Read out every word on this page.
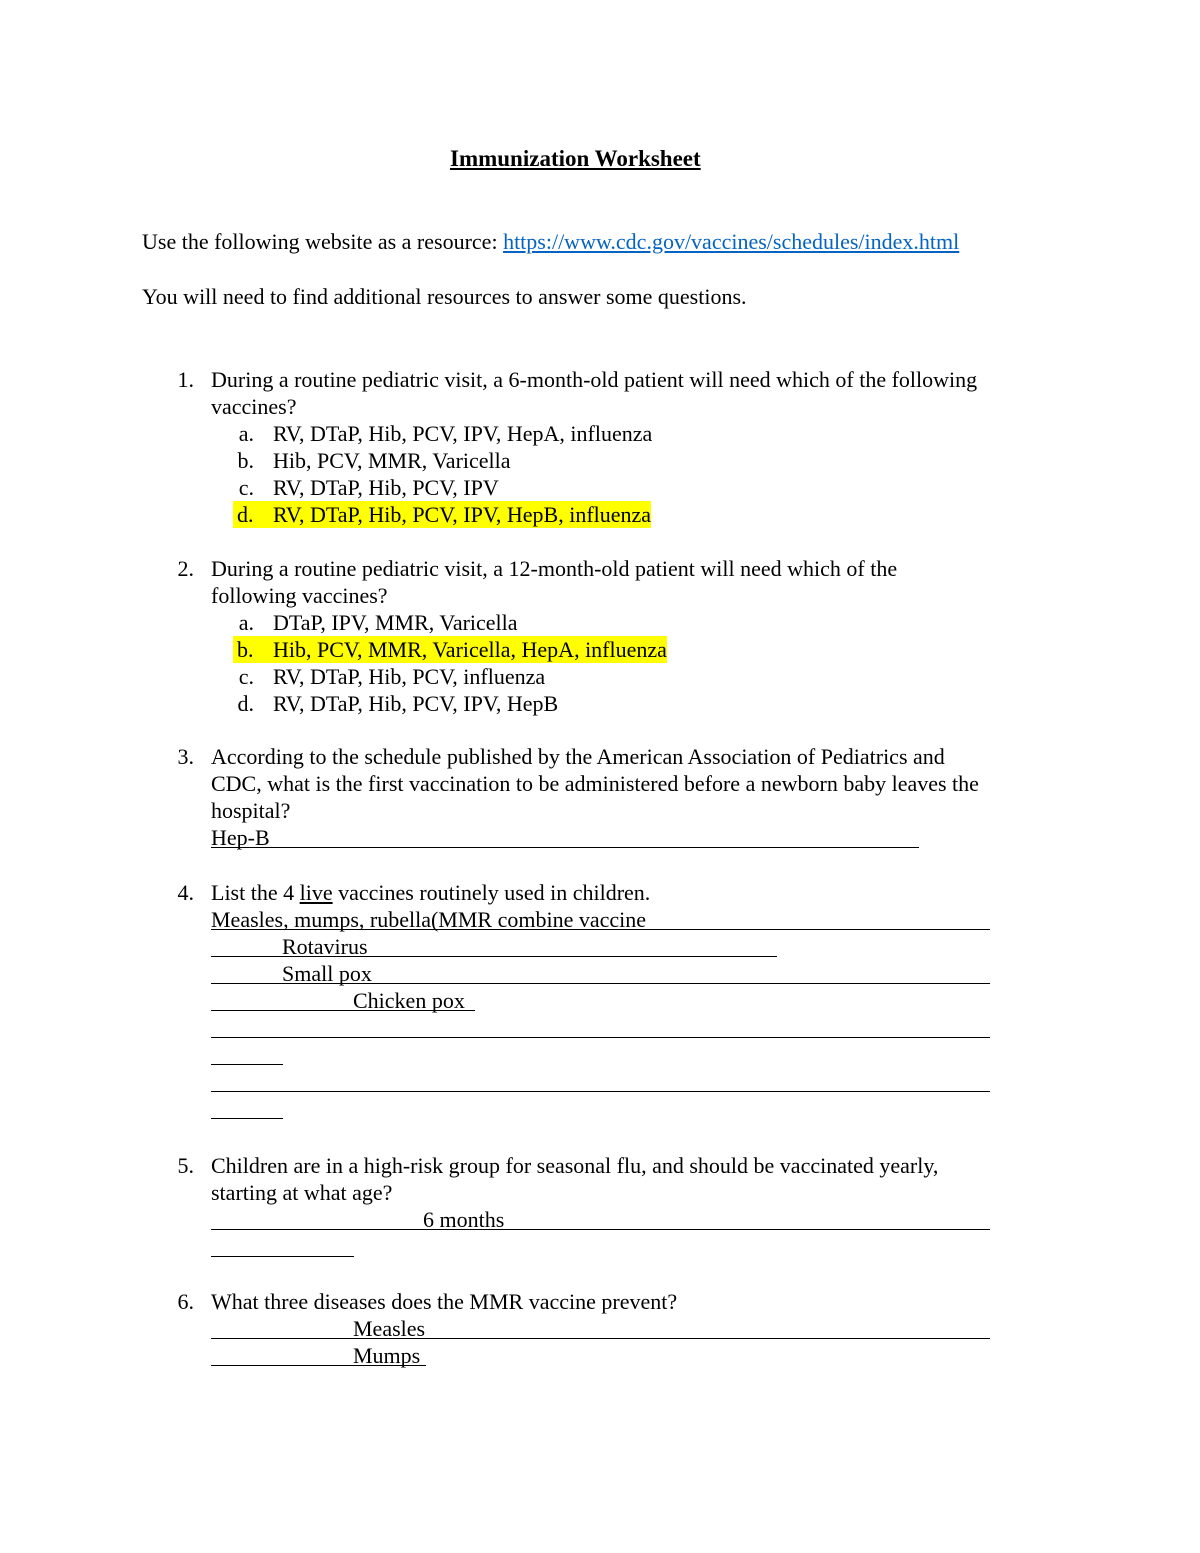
Immunization Worksheet
Use the following website as a resource: https://www.cdc.gov/vaccines/schedules/index.html
You will need to find additional resources to answer some questions.
1. During a routine pediatric visit, a 6-month-old patient will need which of the following
vaccines?
a. RV, DTaP, Hib, PCV, IPV, HepA, influenza
b. Hib, PCV, MMR, Varicella
c. RV, DTaP, Hib, PCV, IPV
d. RV, DTaP, Hib, PCV, IPV, HepB, influenza
2. During a routine pediatric visit, a 12-month-old patient will need which of the
following vaccines?
a. DTaP, IPV, MMR, Varicella
b. Hib, PCV, MMR, Varicella, HepA, influenza
c. RV, DTaP, Hib, PCV, influenza
d. RV, DTaP, Hib, PCV, IPV, HepB
3. According to the schedule published by the American Association of Pediatrics and
CDC, what is the first vaccination to be administered before a newborn baby leaves the
hospital?
Hep-B
4. List the 4 live vaccines routinely used in children.
Measles, mumps, rubella(MMR combine vaccine
Rotavirus
Small pox
Chicken pox
5. Children are in a high-risk group for seasonal flu, and should be vaccinated yearly,
starting at what age?
6 months
6. What three diseases does the MMR vaccine prevent?
Measles
Mumps
